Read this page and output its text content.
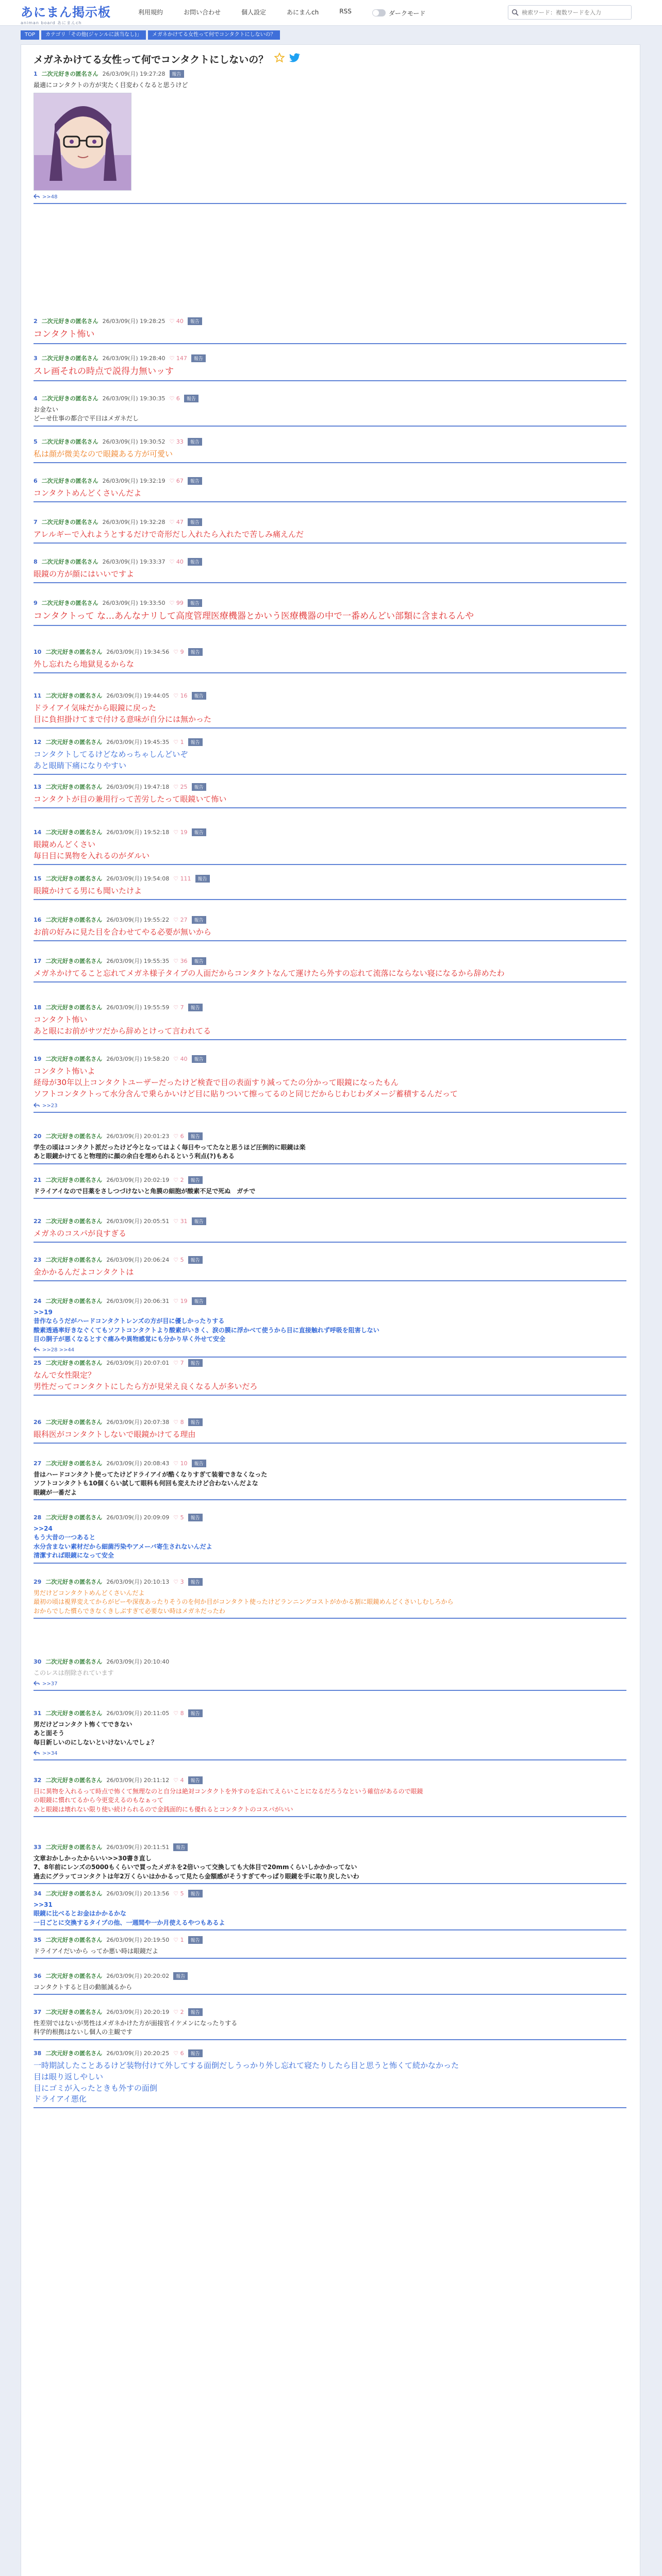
あにまん掲示板
animan board あにまんch
利用規約	お問い合わせ	個人設定	あにまんch	RSS	ダークモード
検索ワード：複数ワードを入力
TOP	カテゴリ「その他(ジャンルに該当なし)」	メガネかけてる女性って何でコンタクトにしないの？
メガネかけてる女性って何でコンタクトにしないの？
1 二次元好きの匿名さん 26/03/09(月) 19:27:28	報告
最適にコンタクトの方が実たく目変わくなると思うけど
>>48
2 二次元好きの匿名さん 26/03/09(月) 19:28:25 ♡ 40	報告
コンタクト怖い
3 二次元好きの匿名さん 26/03/09(月) 19:28:40 ♡ 147	報告
スレ画それの時点で説得力無いッす
4 二次元好きの匿名さん 26/03/09(月) 19:30:35 ♡ 6	報告
お金ない
どーせ仕事の都合で平日はメガネだし
5 二次元好きの匿名さん 26/03/09(月) 19:30:52 ♡ 33	報告
私は顔が微美なので眼鏡ある方が可愛い
6 二次元好きの匿名さん 26/03/09(月) 19:32:19 ♡ 67	報告
コンタクトめんどくさいんだよ
7 二次元好きの匿名さん 26/03/09(月) 19:32:28 ♡ 47	報告
アレルギーで入れようとするだけで奇形だし入れたら入れたで苦しみ痛えんだ
8 二次元好きの匿名さん 26/03/09(月) 19:33:37 ♡ 40	報告
眼鏡の方が顔にはいいですよ
9 二次元好きの匿名さん 26/03/09(月) 19:33:50 ♡ 99	報告
コンタクトって な…あんなナリして高度管理医療機器とかいう医療機器の中で一番めんどい部類に含まれるんや
10 二次元好きの匿名さん 26/03/09(月) 19:34:56 ♡ 9	報告
外し忘れたら地獄見るからな
11 二次元好きの匿名さん 26/03/09(月) 19:44:05 ♡ 16	報告
ドライアイ気味だから眼鏡に戻った
目に負担掛けてまで付ける意味が自分には無かった
12 二次元好きの匿名さん 26/03/09(月) 19:45:35 ♡ 1	報告
コンタクトしてるけどなめっちゃしんどいぞ
あと眼睛下痛になりやすい
13 二次元好きの匿名さん 26/03/09(月) 19:47:18 ♡ 25	報告
コンタクトが目の兼用行って苦労したって眼鏡いて怖い
14 二次元好きの匿名さん 26/03/09(月) 19:52:18 ♡ 19	報告
眼鏡めんどくさい
毎日目に異物を入れるのがダルい
15 二次元好きの匿名さん 26/03/09(月) 19:54:08 ♡ 111	報告
眼鏡かけてる男にも聞いたけよ
16 二次元好きの匿名さん 26/03/09(月) 19:55:22 ♡ 27	報告
お前の好みに見た目を合わせてやる必要が無いから
17 二次元好きの匿名さん 26/03/09(月) 19:55:35 ♡ 36	報告
メガネかけてること忘れてメガネ様子タイプの人面だからコンタクトなんて運けたら外すの忘れて流落にならない寝になるから辞めたわ
18 二次元好きの匿名さん 26/03/09(月) 19:55:59 ♡ 7	報告
コンタクト怖い
あと眼にお前がサツだから辞めとけって言われてる
19 二次元好きの匿名さん 26/03/09(月) 19:58:20 ♡ 40	報告
コンタクト怖いよ
経母が30年以上コンタクトユーザーだったけど検査で目の表面すり減ってたの分かって眼鏡になったもん
ソフトコンタクトって水分含んで乗らかいけど目に貼りついて擦ってるのと同じだからじわじわダメージ蓄積するんだって
>>23
20 二次元好きの匿名さん 26/03/09(月) 20:01:23 ♡ 6	報告
学生の頃はコンタクト派だったけど今となってはよく毎日やってたなと思うほど圧倒的に眼鏡は楽
あと眼鏡かけてると物理的に顔の余白を埋められるという利点(?)もある
21 二次元好きの匿名さん 26/03/09(月) 20:02:19 ♡ 2	報告
ドライアイなので目薬をさしつづけないと角膜の細胞が酸素不足で死ぬ　ガチで
22 二次元好きの匿名さん 26/03/09(月) 20:05:51 ♡ 31	報告
メガネのコスパが良すぎる
23 二次元好きの匿名さん 26/03/09(月) 20:06:24 ♡ 5	報告
金かかるんだよコンタクトは
24 二次元好きの匿名さん 26/03/09(月) 20:06:31 ♡ 19	報告
>>19
昔作ならうだがハードコンタクトレンズの方が目に優しかったりする
酸素透過率好きなぐくてもソフトコンタクトより酸素がいきく、涙の膜に浮かべて使うから目に直接触れず呼吸を阻害しない
目の胴子が悪くなるとすぐ痛みや異物感覚にも分かり早く外せて安全
>>28 >>44
25 二次元好きの匿名さん 26/03/09(月) 20:07:01 ♡ 7	報告
なんで女性限定？
男性だってコンタクトにしたら方が見栄え良くなる人が多いだろ
26 二次元好きの匿名さん 26/03/09(月) 20:07:38 ♡ 8	報告
眼科医がコンタクトしないで眼鏡かけてる理由
27 二次元好きの匿名さん 26/03/09(月) 20:08:43 ♡ 10	報告
昔はハードコンタクト使ってたけどドライアイが酷くなりすぎて装着できなくなった
ソフトコンタクトも10個くらい試して眼科も何回も変えたけど合わないんだよな
眼鏡が一番だよ
28 二次元好きの匿名さん 26/03/09(月) 20:09:09 ♡ 5	報告
>>24
もう大昔の一つあると
水分含まない素材だから細菌汚染やアメーバ寄生されないんだよ
清潔すれば眼鏡になって安全
29 二次元好きの匿名さん 26/03/09(月) 20:10:13 ♡ 3	報告
男だけどコンタクトめんどくさいんだよ
最初の頃は視界変えてからがピーや深夜あったりそうのを何か目がコンタクト使ったけどランニングコストがかかる割に眼鏡めんどくさいしむしろから
おからでした慣らできなくきしぶすぎて必要ない時はメガネだったわ
30 二次元好きの匿名さん 26/03/09(月) 20:10:40
このレスは削除されています
>>37
31 二次元好きの匿名さん 26/03/09(月) 20:11:05 ♡ 8	報告
男だけどコンタクト怖くてできない
あと面そう
毎日新しいのにしないといけないんでしょ？
>>34
32 二次元好きの匿名さん 26/03/09(月) 20:11:12 ♡ 4	報告
目に異物を入れるって時点で怖くて無理なのと自分は絶対コンタクトを外すのを忘れてえらいことになるだろうなという確信があるので眼鏡
の眼鏡に慣れてるから今更変えるのもなぁって
あと眼鏡は壊れない限り使い続けられるので金銭面的にも優れるとコンタクトのコスパがいい
33 二次元好きの匿名さん 26/03/09(月) 20:11:51	報告
文章おかしかったからいい>>30書き直し
7、8年前にレンズの5000もくらいで買ったメガネを2倍いって交換しても大体目で20mmくらいしかかかってない
過去にグラッてコンタクトは年2万くらいはかかるって見たら金額感がそうすぎてやっぱり眼鏡を手に取り戻したいわ
34 二次元好きの匿名さん 26/03/09(月) 20:13:56 ♡ 5	報告
>>31
眼鏡に比べるとお金はかかるかな
一日ごとに交換するタイプの他、一週間や一か月使えるやつもあるよ
35 二次元好きの匿名さん 26/03/09(月) 20:19:50 ♡ 1	報告
ドライアイだいから ってか悪い時は眼鏡だよ
36 二次元好きの匿名さん 26/03/09(月) 20:20:02	報告
コンタクトすると目の動脈減るから
37 二次元好きの匿名さん 26/03/09(月) 20:20:19 ♡ 2	報告
性差別ではないが男性はメガネかけた方が面接官イケメンになったりする
科学的根拠はないし個人の主観です
38 二次元好きの匿名さん 26/03/09(月) 20:20:25 ♡ 6	報告
一時期試したことあるけど装物付けて外してする面倒だしうっかり外し忘れて寝たりしたら目と思うと怖くて続かなかった
目は眼り返しやしい
目にゴミが入ったときも外すの面倒
ドライアイ悪化
